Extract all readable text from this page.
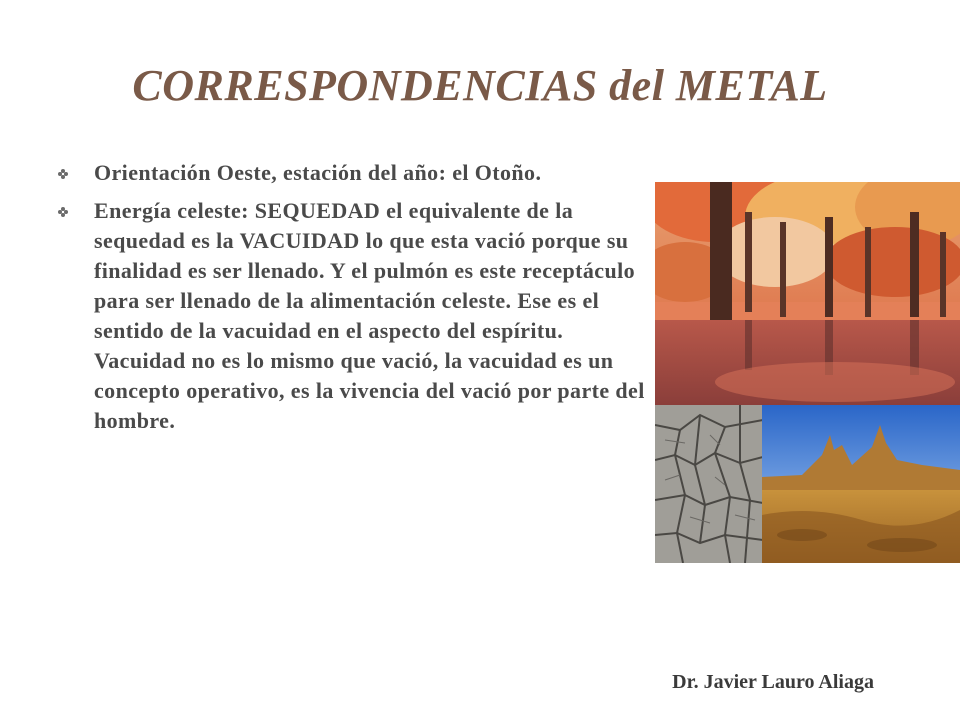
CORRESPONDENCIAS del METAL
Orientación Oeste, estación del año: el Otoño.
Energía celeste: SEQUEDAD el equivalente de la sequedad es la VACUIDAD lo que esta vació porque su finalidad es ser llenado. Y el pulmón es este receptáculo para ser llenado de la alimentación celeste. Ese es el sentido de la vacuidad en el aspecto del espíritu. Vacuidad no es lo mismo que vació, la vacuidad es un concepto operativo, es la vivencia del vació por parte del hombre.

Dr. Javier Lauro Aliaga
